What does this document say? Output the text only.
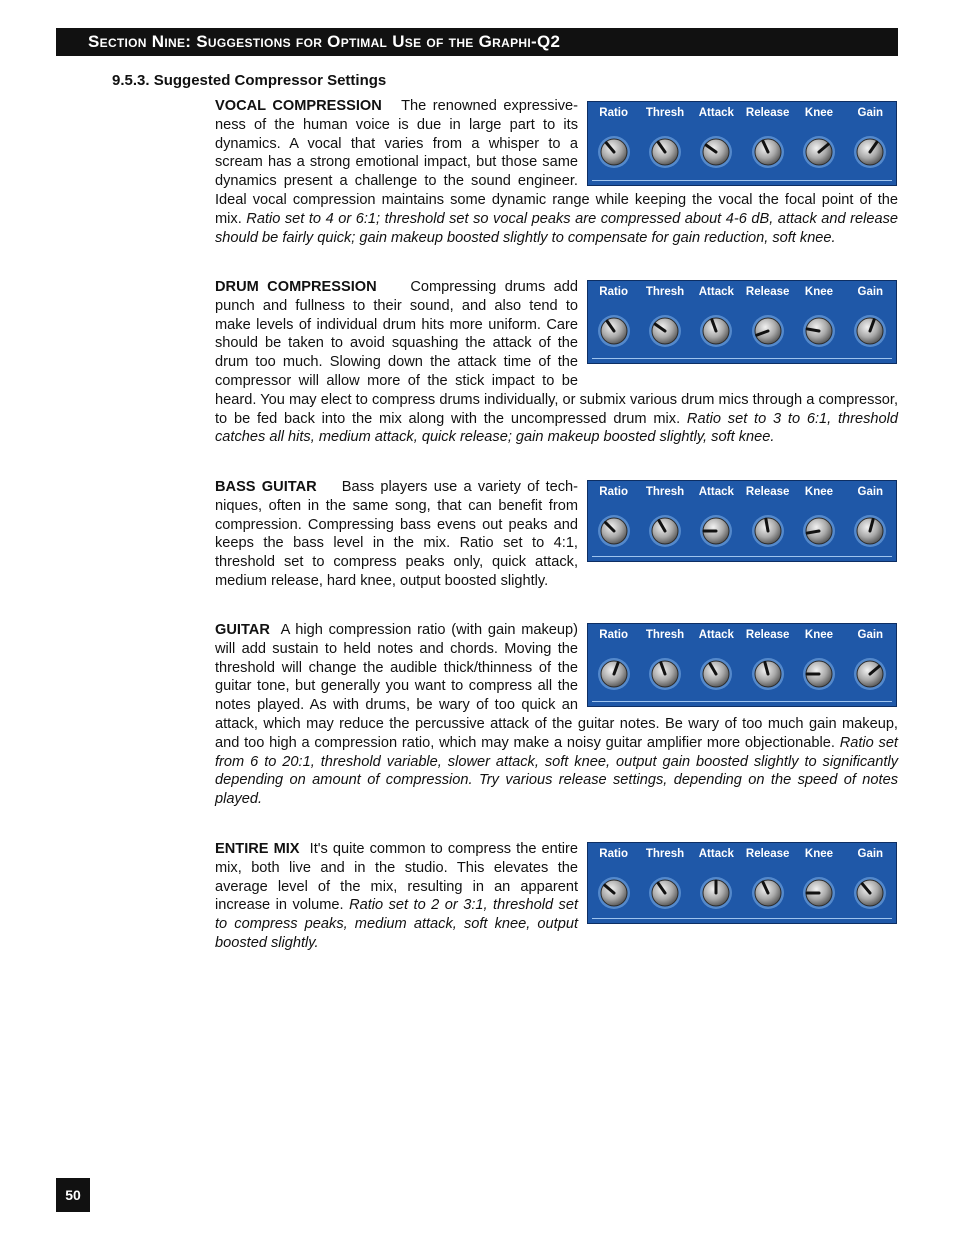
Section Nine: Suggestions for Optimal Use of the Graphi-Q2
9.5.3. Suggested Compressor Settings

VOCAL COMPRESSION The renowned expressive-ness of the human voice is due in large part to its dynamics. A vocal that varies from a whisper to a scream has a strong emotional impact, but those same dynamics present a challenge to the sound engineer. Ideal vocal compression maintains some dynamic range while keeping the vocal the focal point of the mix. Ratio set to 4 or 6:1; threshold set so vocal peaks are compressed about 4-6 dB, attack and release should be fairly quick; gain makeup boosted slightly to compensate for gain reduction, soft knee.

Ratio	Thresh	Attack	Release	Knee	Gain

DRUM COMPRESSION Compressing drums add punch and fullness to their sound, and also tend to make levels of individual drum hits more uniform. Care should be taken to avoid squashing the attack of the drum too much. Slowing down the attack time of the compressor will allow more of the stick impact to be heard. You may elect to compress drums individually, or submix various drum mics through a compressor, to be fed back into the mix along with the uncompressed drum mix. Ratio set to 3 to 6:1, threshold catches all hits, medium attack, quick release; gain makeup boosted slightly, soft knee.

Ratio	Thresh	Attack	Release	Knee	Gain

BASS GUITAR Bass players use a variety of tech-niques, often in the same song, that can benefit from compression. Compressing bass evens out peaks and keeps the bass level in the mix. Ratio set to 4:1, threshold set to compress peaks only, quick attack, medium release, hard knee, output boosted slightly.

Ratio	Thresh	Attack	Release	Knee	Gain

GUITAR A high compression ratio (with gain makeup) will add sustain to held notes and chords. Moving the threshold will change the audible thick/thinness of the guitar tone, but generally you want to compress all the notes played. As with drums, be wary of too quick an attack, which may reduce the percussive attack of the guitar notes. Be wary of too much gain makeup, and too high a compression ratio, which may make a noisy guitar amplifier more objectionable. Ratio set from 6 to 20:1, threshold variable, slower attack, soft knee, output gain boosted slightly to significantly depending on amount of compression. Try various release settings, depending on the speed of notes played.

Ratio	Thresh	Attack	Release	Knee	Gain

ENTIRE MIX It's quite common to compress the entire mix, both live and in the studio. This elevates the average level of the mix, resulting in an apparent increase in volume. Ratio set to 2 or 3:1, threshold set to compress peaks, medium attack, soft knee, output boosted slightly.

Ratio	Thresh	Attack	Release	Knee	Gain
50
